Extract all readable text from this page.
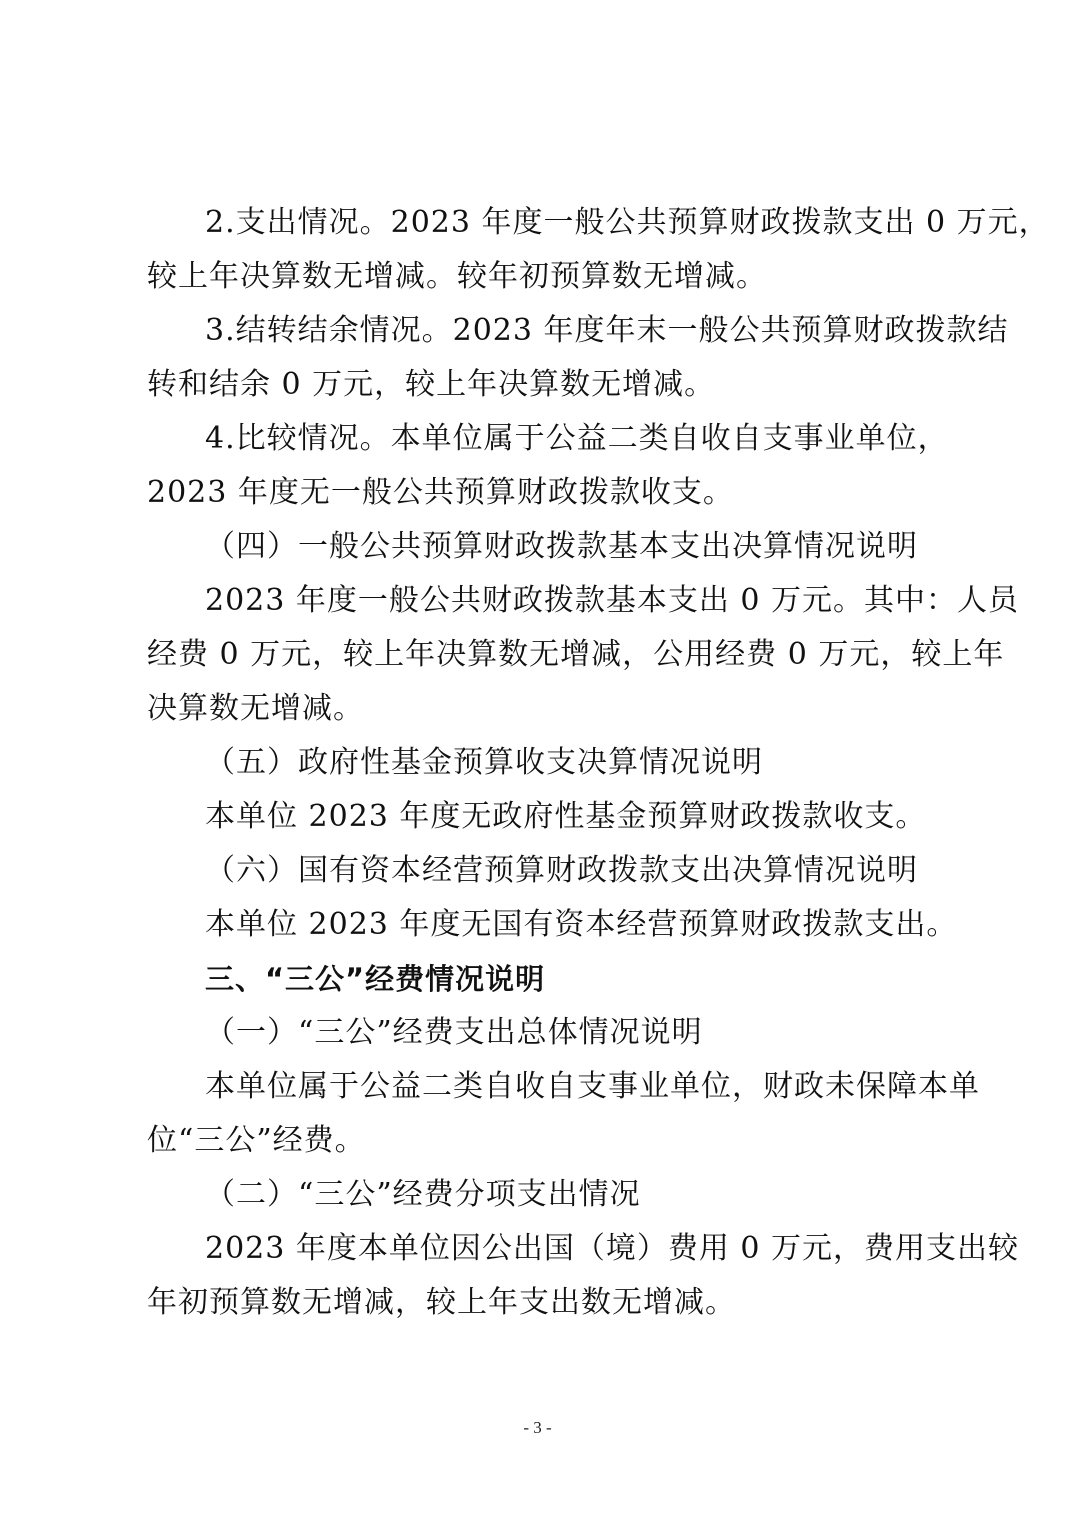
2.支出情况。2023 年度一般公共预算财政拨款支出 0 万元，

较上年决算数无增减。较年初预算数无增减。

3.结转结余情况。2023 年度年末一般公共预算财政拨款结

转和结余 0 万元，较上年决算数无增减。

4.比较情况。本单位属于公益二类自收自支事业单位，

2023 年度无一般公共预算财政拨款收支。

（四）一般公共预算财政拨款基本支出决算情况说明

2023 年度一般公共财政拨款基本支出 0 万元。其中：人员

经费 0 万元，较上年决算数无增减，公用经费 0 万元，较上年

决算数无增减。

（五）政府性基金预算收支决算情况说明

本单位 2023 年度无政府性基金预算财政拨款收支。

（六）国有资本经营预算财政拨款支出决算情况说明

本单位 2023 年度无国有资本经营预算财政拨款支出。

三、“三公”经费情况说明

（一）“三公”经费支出总体情况说明

本单位属于公益二类自收自支事业单位，财政未保障本单

位“三公”经费。

（二）“三公”经费分项支出情况

2023 年度本单位因公出国（境）费用 0 万元，费用支出较

年初预算数无增减，较上年支出数无增减。

- 3 -
